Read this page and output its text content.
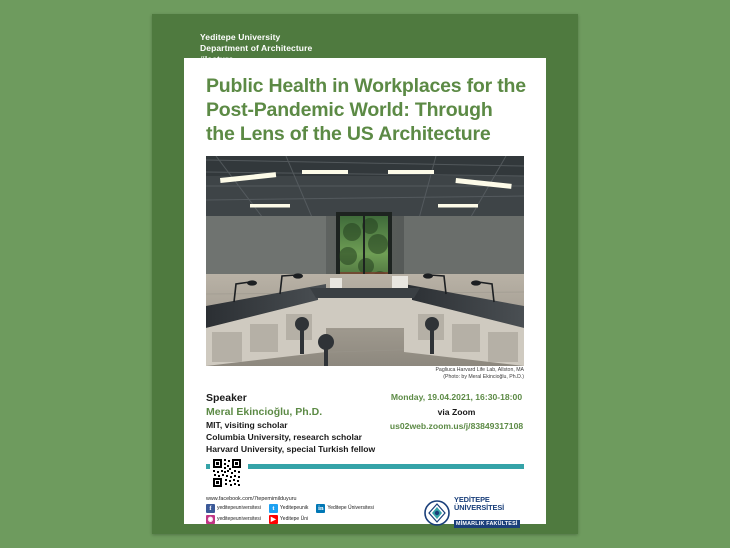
Yeditepe University
Department of Architecture
Public Health in Workplaces for the Post-Pandemic World: Through the Lens of the US Architecture
Pagliuca Harvard Life Lab, Allston, MA
(Photo: by Meral Ekincioğlu, Ph.D.)
Speaker
Meral Ekincioğlu, Ph.D.
MIT, visiting scholar
Columbia University, research scholar
Harvard University, special Turkish fellow
Monday, 19.04.2021, 16:30-18:00
via Zoom
us02web.zoom.us/j/83849317108
www.facebook.com/7tepemimilduyuru
f	yeditepeuniversitesi	t	Yeditepeunik in Yeditepe Üniversitesi
◉ yeditepeuniversitesi	▶ Yeditepe Üni
YEDİTEPE
ÜNİVERSİTESİ
MİMARLIK FAKÜLTESİ
